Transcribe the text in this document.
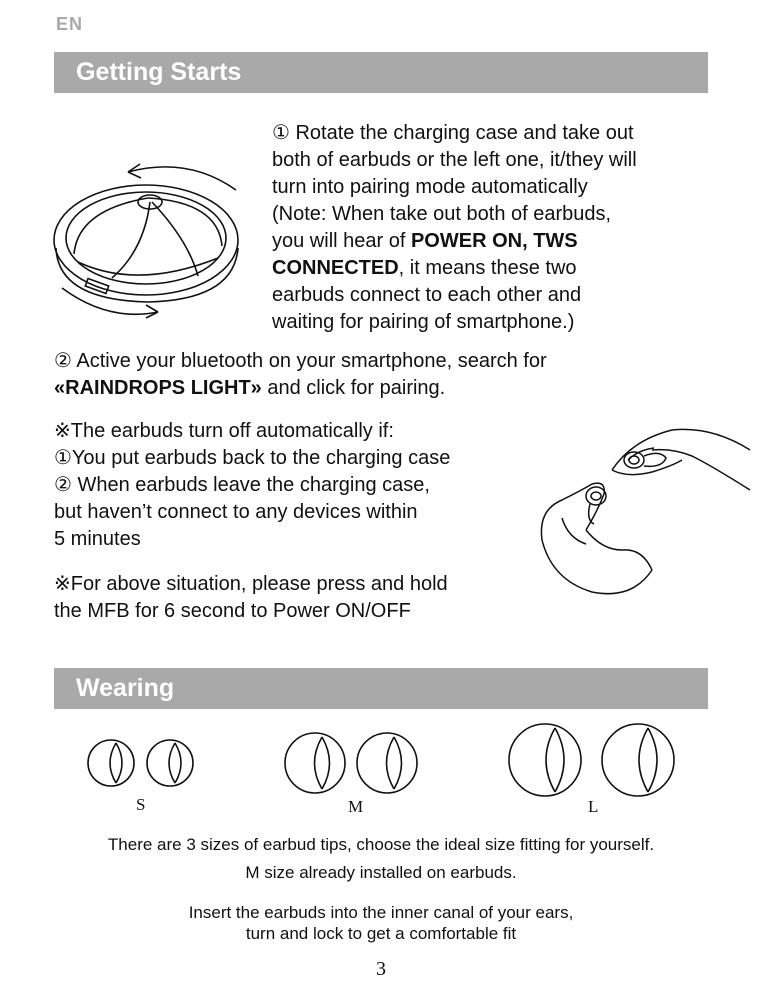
EN
Getting Starts
① Rotate the charging case and take out
both of earbuds or the left one, it/they will
turn into pairing mode automatically
(Note: When take out both of earbuds,
you will hear of POWER ON, TWS
CONNECTED, it means these two
earbuds connect to each other and
waiting for pairing of smartphone.)
② Active your bluetooth on your smartphone, search for
«RAINDROPS LIGHT» and click for pairing.
※The earbuds turn off automatically if:
①You put earbuds back to the charging case
② When earbuds leave the charging case,
but haven’t connect to any devices within
5 minutes
※For above situation, please press and hold
the MFB for 6 second to Power ON/OFF
Wearing
S	M	L
There are 3 sizes of earbud tips, choose the ideal size fitting for yourself.
M size already installed on earbuds.
Insert the earbuds into the inner canal of your ears,
turn and lock to get a comfortable fit
3
